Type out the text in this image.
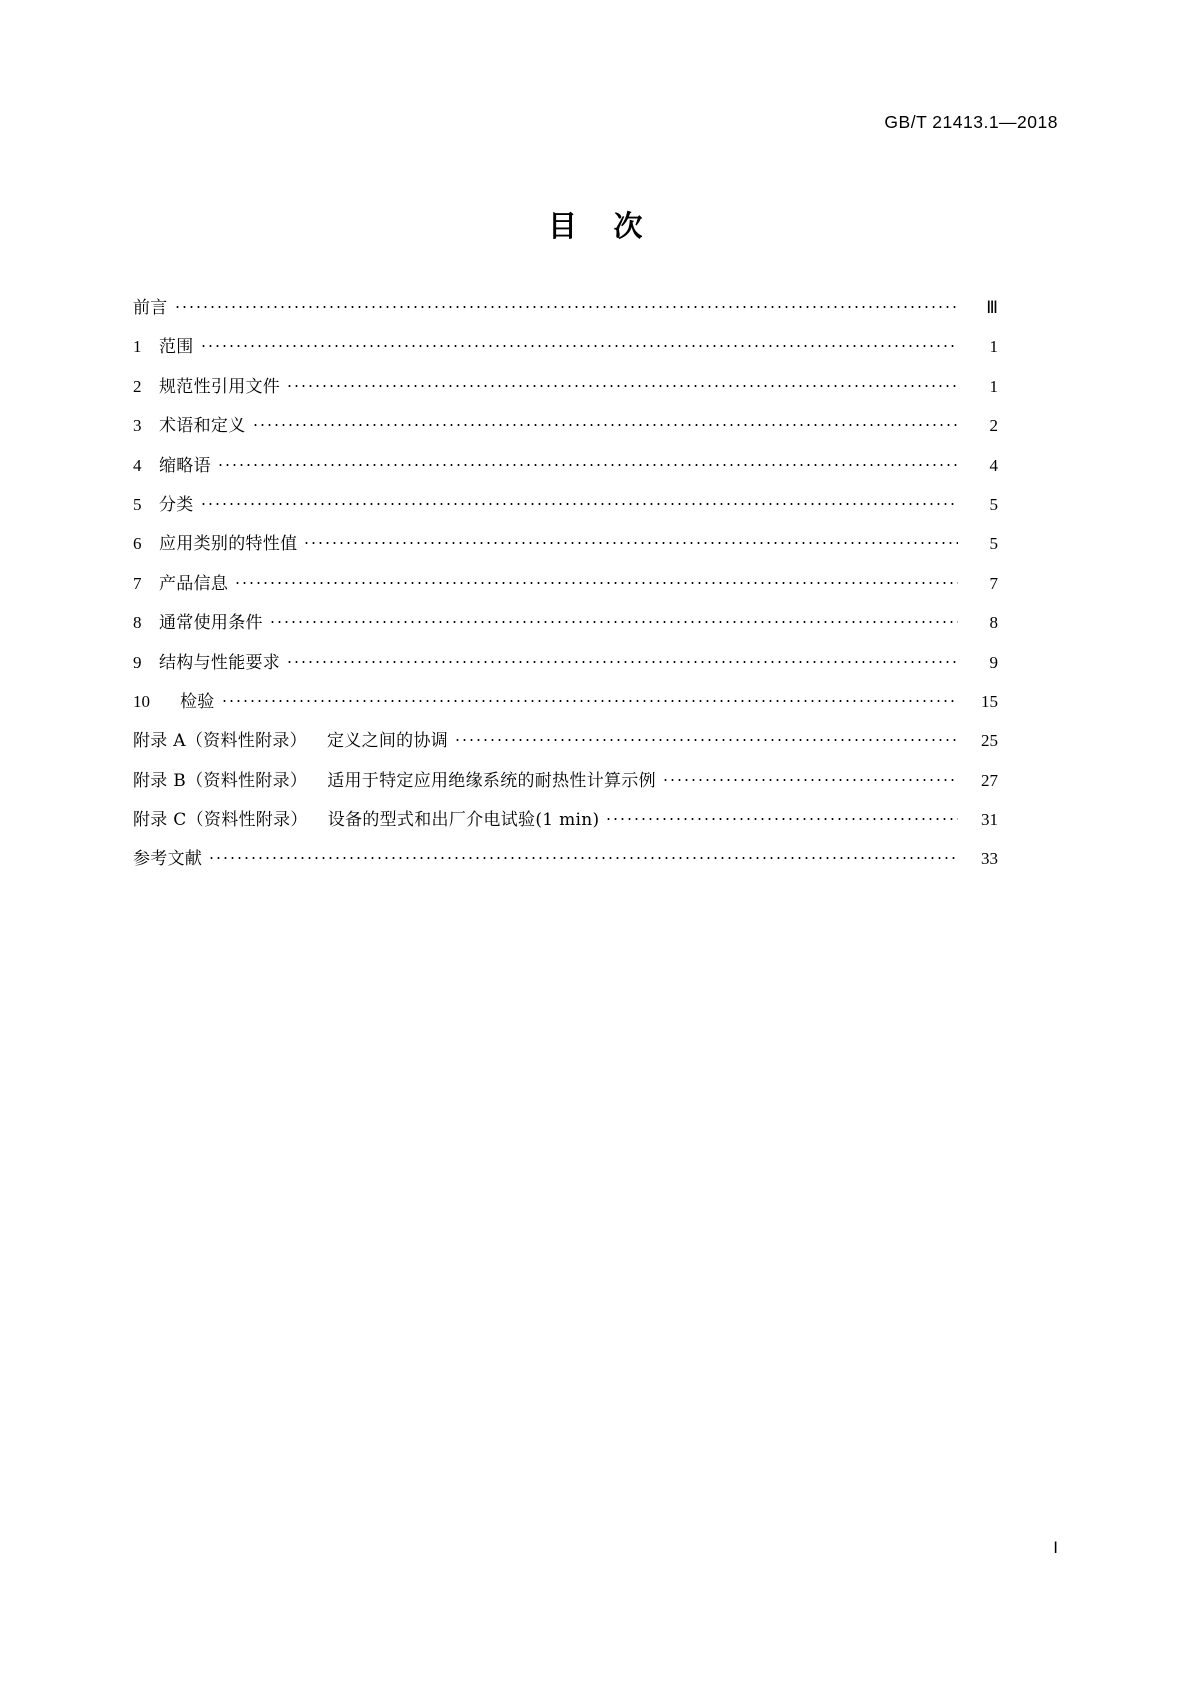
GB/T 21413.1—2018
目 次
前言	Ⅲ
1	范围	1
2	规范性引用文件	1
3	术语和定义	2
4	缩略语	4
5	分类	5
6	应用类别的特性值	5
7	产品信息	7
8	通常使用条件	8
9	结构与性能要求	9
10	检验	15
附录 A（资料性附录）	定义之间的协调	25
附录 B（资料性附录）	适用于特定应用绝缘系统的耐热性计算示例	27
附录 C（资料性附录）	设备的型式和出厂介电试验(1 min)	31
参考文献	33
Ⅰ
